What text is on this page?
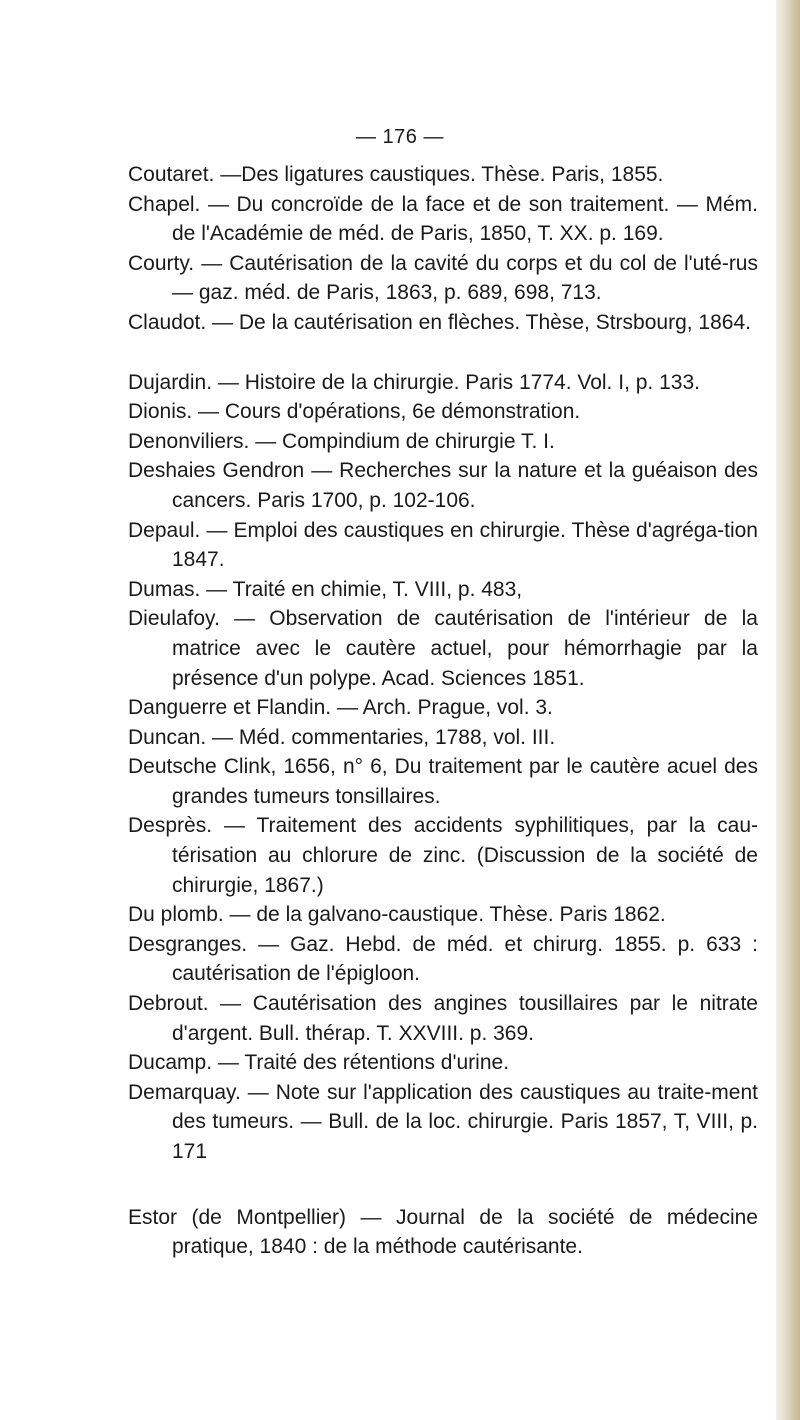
— 176 —

Coutaret. —Des ligatures caustiques. Thèse. Paris, 1855.

Chapel. — Du concroïde de la face et de son traitement. — Mém. de l'Académie de méd. de Paris, 1850, T. XX. p. 169.

Courty. — Cautérisation de la cavité du corps et du col de l'uté-rus — gaz. méd. de Paris, 1863, p. 689, 698, 713.

Claudot. — De la cautérisation en flèches. Thèse, Strsbourg, 1864.

Dujardin. — Histoire de la chirurgie. Paris 1774. Vol. I, p. 133.

Dionis. — Cours d'opérations, 6e démonstration.

Denonviliers. — Compindium de chirurgie T. I.

Deshaies Gendron — Recherches sur la nature et la guéaison des cancers. Paris 1700, p. 102-106.

Depaul. — Emploi des caustiques en chirurgie. Thèse d'agréga-tion 1847.

Dumas. — Traité en chimie, T. VIII, p. 483,

Dieulafoy. — Observation de cautérisation de l'intérieur de la matrice avec le cautère actuel, pour hémorrhagie par la présence d'un polype. Acad. Sciences 1851.

Danguerre et Flandin. — Arch. Prague, vol. 3.

Duncan. — Méd. commentaries, 1788, vol. III.

Deutsche Clink, 1656, n° 6, Du traitement par le cautère acuel des grandes tumeurs tonsillaires.

Desprès. — Traitement des accidents syphilitiques, par la cau-térisation au chlorure de zinc. (Discussion de la société de chirurgie, 1867.)

Du plomb. — de la galvano-caustique. Thèse. Paris 1862.

Desgranges. — Gaz. Hebd. de méd. et chirurg. 1855. p. 633 : cautérisation de l'épigloon.

Debrout. — Cautérisation des angines tousillaires par le nitrate d'argent. Bull. thérap. T. XXVIII. p. 369.

Ducamp. — Traité des rétentions d'urine.

Demarquay. — Note sur l'application des caustiques au traite-ment des tumeurs. — Bull. de la loc. chirurgie. Paris 1857, T, VIII, p. 171

Estor (de Montpellier) — Journal de la société de médecine pratique, 1840 : de la méthode cautérisante.
